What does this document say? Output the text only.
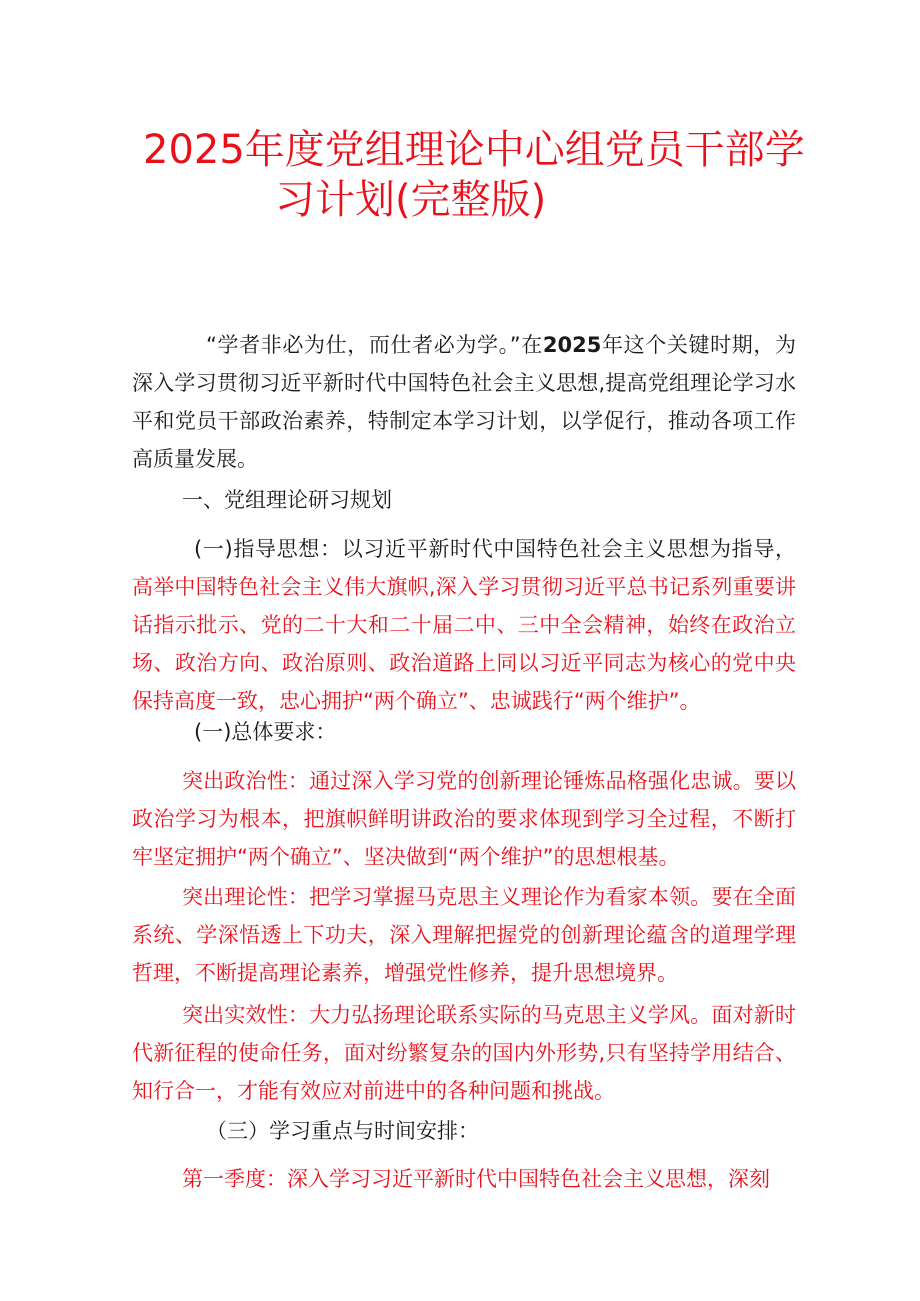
2025年度党组理论中心组党员干部学
习计划(完整版)

“学者非必为仕，而仕者必为学。”在2025年这个关键时期，为深入学习贯彻习近平新时代中国特色社会主义思想,提高党组理论学习水平和党员干部政治素养，特制定本学习计划，以学促行，推动各项工作高质量发展。

一、党组理论研习规划

(一)指导思想：以习近平新时代中国特色社会主义思想为指导，高举中国特色社会主义伟大旗帜,深入学习贯彻习近平总书记系列重要讲话指示批示、党的二十大和二十届二中、三中全会精神，始终在政治立场、政治方向、政治原则、政治道路上同以习近平同志为核心的党中央保持高度一致，忠心拥护“两个确立”、忠诚践行“两个维护”。

(一)总体要求：

突出政治性：通过深入学习党的创新理论锤炼品格强化忠诚。要以政治学习为根本，把旗帜鲜明讲政治的要求体现到学习全过程，不断打牢坚定拥护“两个确立”、坚决做到“两个维护”的思想根基。

突出理论性：把学习掌握马克思主义理论作为看家本领。要在全面系统、学深悟透上下功夫，深入理解把握党的创新理论蕴含的道理学理哲理，不断提高理论素养，增强党性修养，提升思想境界。

突出实效性：大力弘扬理论联系实际的马克思主义学风。面对新时代新征程的使命任务，面对纷繁复杂的国内外形势,只有坚持学用结合、知行合一，才能有效应对前进中的各种问题和挑战。

（三）学习重点与时间安排：

第一季度：深入学习习近平新时代中国特色社会主义思想，深刻
